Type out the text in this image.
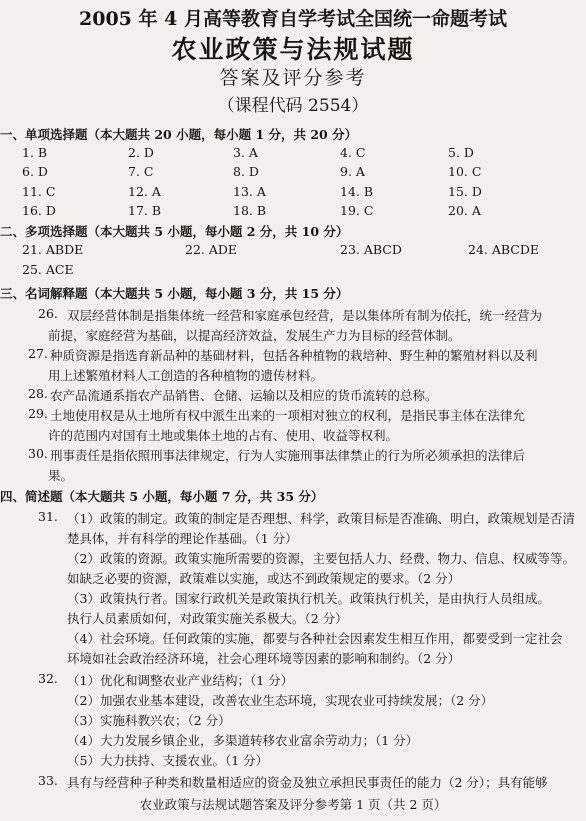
2005 年 4 月高等教育自学考试全国统一命题考试
农业政策与法规试题
答案及评分参考
（课程代码 2554）
一、单项选择题（本大题共 20 小题，每小题 1 分，共 20 分）
1. B	2. D	3. A	4. C	5. D
6. D	7. C	8. D	9. A	10. C
11. C	12. A	13. A	14. B	15. D
16. D	17. B	18. B	19. C	20. A
二、多项选择题（本大题共 5 小题，每小题 2 分，共 10 分）
21. ABDE	22. ADE	23. ABCD	24. ABCDE
25. ACE
三、名词解释题（本大题共 5 小题，每小题 3 分，共 15 分）
26. 双层经营体制是指集体统一经营和家庭承包经营，是以集体所有制为依托，统一经营为
前提，家庭经营为基础，以提高经济效益，发展生产力为目标的经营体制。
27. 种质资源是指选育新品种的基础材料，包括各种植物的栽培种、野生种的繁殖材料以及利
用上述繁殖材料人工创造的各种植物的遗传材料。
28. 农产品流通系指农产品销售、仓储、运输以及相应的货币流转的总称。
29. 土地使用权是从土地所有权中派生出来的一项相对独立的权利，是指民事主体在法律允
许的范围内对国有土地或集体土地的占有、使用、收益等权利。
30. 刑事责任是指依照刑事法律规定，行为人实施刑事法律禁止的行为所必须承担的法律后
果。
四、简述题（本大题共 5 小题，每小题 7 分，共 35 分）
31. （1）政策的制定。政策的制定是否理想、科学，政策目标是否准确、明白，政策规划是否清
楚具体，并有科学的理论作基础。（1 分）
（2）政策的资源。政策实施所需要的资源，主要包括人力、经费、物力、信息、权威等等。
如缺乏必要的资源，政策难以实施，或达不到政策规定的要求。（2 分）
（3）政策执行者。国家行政机关是政策执行机关。政策执行机关，是由执行人员组成。
执行人员素质如何，对政策实施关系极大。（2 分）
（4）社会环境。任何政策的实施，都要与各种社会因素发生相互作用，都要受到一定社会
环境如社会政治经济环境，社会心理环境等因素的影响和制约。（2 分）
32. （1）优化和调整农业产业结构；（1 分）
（2）加强农业基本建设，改善农业生态环境，实现农业可持续发展；（2 分）
（3）实施科教兴农；（2 分）
（4）大力发展乡镇企业，多渠道转移农业富余劳动力；（1 分）
（5）大力扶持、支援农业。（1 分）
33. 具有与经营种子种类和数量相适应的资金及独立承担民事责任的能力（2 分）；具有能够
农业政策与法规试题答案及评分参考第 1 页（共 2 页）
